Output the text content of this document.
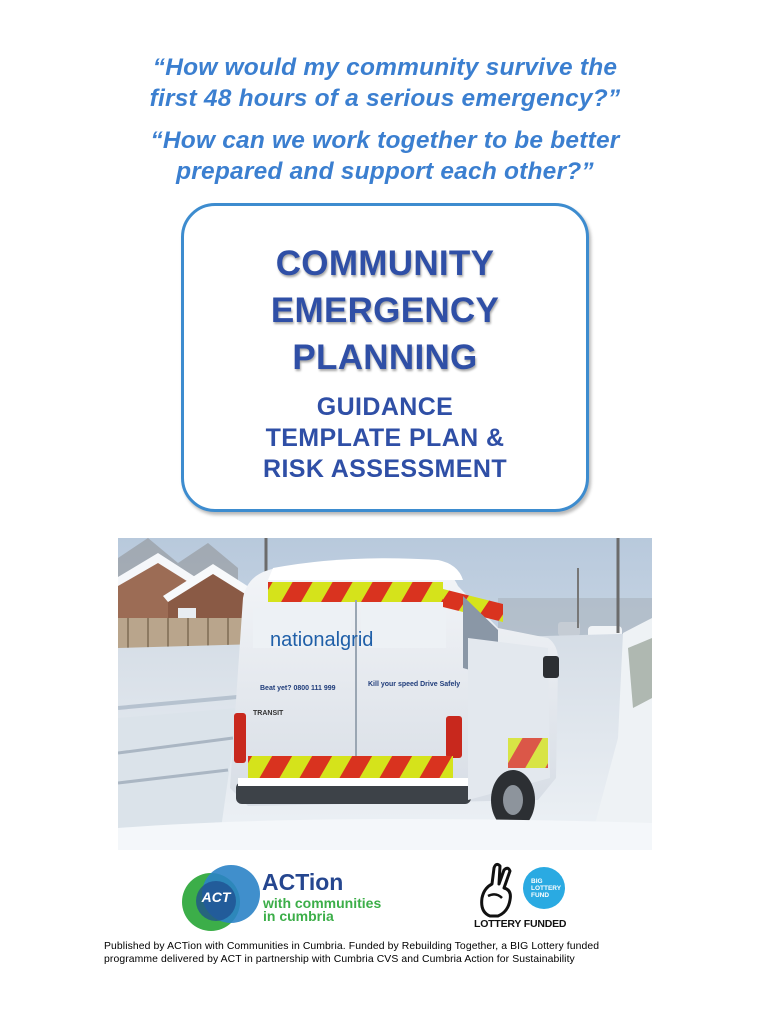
“How would my community survive the
first 48 hours of a serious emergency?”
“How can we work together to be better
prepared and support each other?”
COMMUNITY
EMERGENCY
PLANNING
GUIDANCE
TEMPLATE PLAN &
RISK ASSESSMENT
nationalgrid
Beat yet? 0800 111 999
Kill your speed Drive Safely
TRANSIT
ACT
ACTion
with communities
in cumbria
BIG
LOTTERY
FUND
LOTTERY FUNDED
Published by ACTion with Communities in Cumbria. Funded by Rebuilding Together, a BIG Lottery funded
programme delivered by ACT in partnership with Cumbria CVS and Cumbria Action for Sustainability
